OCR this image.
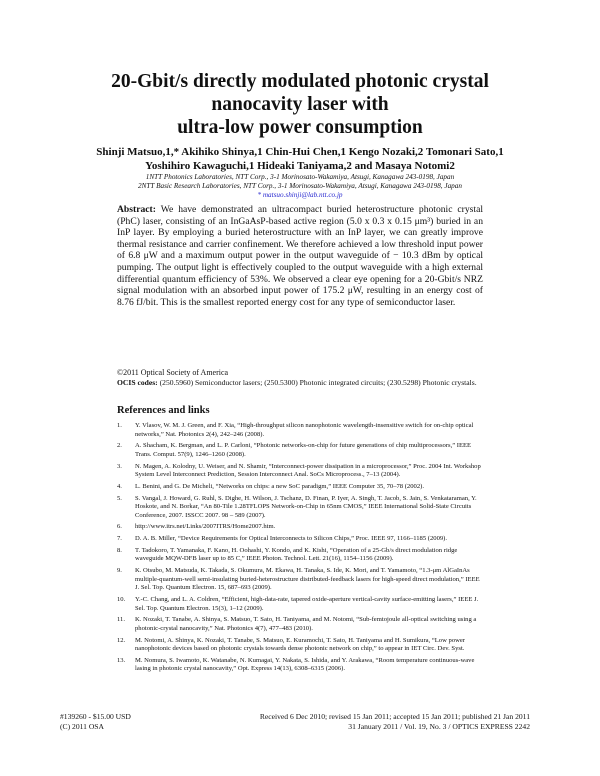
20-Gbit/s directly modulated photonic crystal
nanocavity laser with
ultra-low power consumption
Shinji Matsuo,1,* Akihiko Shinya,1 Chin-Hui Chen,1 Kengo Nozaki,2 Tomonari Sato,1
Yoshihiro Kawaguchi,1 Hideaki Taniyama,2 and Masaya Notomi2
1NTT Photonics Laboratories, NTT Corp., 3-1 Morinosato-Wakamiya, Atsugi, Kanagawa 243-0198, Japan
2NTT Basic Research Laboratories, NTT Corp., 3-1 Morinosato-Wakamiya, Atsugi, Kanagawa 243-0198, Japan
* matsuo.shinji@lab.ntt.co.jp
Abstract: We have demonstrated an ultracompact buried heterostructure photonic crystal (PhC) laser, consisting of an InGaAsP-based active region (5.0 x 0.3 x 0.15 μm³) buried in an InP layer. By employing a buried heterostructure with an InP layer, we can greatly improve thermal resistance and carrier confinement. We therefore achieved a low threshold input power of 6.8 μW and a maximum output power in the output waveguide of − 10.3 dBm by optical pumping. The output light is effectively coupled to the output waveguide with a high external differential quantum efficiency of 53%. We observed a clear eye opening for a 20-Gbit/s NRZ signal modulation with an absorbed input power of 175.2 μW, resulting in an energy cost of 8.76 fJ/bit. This is the smallest reported energy cost for any type of semiconductor laser.
©2011 Optical Society of America
OCIS codes: (250.5960) Semiconductor lasers; (250.5300) Photonic integrated circuits; (230.5298) Photonic crystals.
References and links
1. Y. Vlasov, W. M. J. Green, and F. Xia, “High-throughput silicon nanophotonic wavelength-insensitive switch for on-chip optical networks,” Nat. Photonics 2(4), 242–246 (2008).
2. A. Shacham, K. Bergman, and L. P. Carloni, “Photonic networks-on-chip for future generations of chip multiprocessors,” IEEE Trans. Comput. 57(9), 1246–1260 (2008).
3. N. Magen, A. Kolodny, U. Weiser, and N. Shamir, “Interconnect-power dissipation in a microprocessor,” Proc. 2004 Int. Workshop System Level Interconnect Prediction, Session Interconnect Anal. SoCs Microprocess., 7–13 (2004).
4. L. Benini, and G. De Micheli, “Networks on chips: a new SoC paradigm,” IEEE Computer 35, 70–78 (2002).
5. S. Vangal, J. Howard, G. Ruhl, S. Dighe, H. Wilson, J. Tschanz, D. Finan, P. Iyer, A. Singh, T. Jacob, S. Jain, S. Venkataraman, Y. Hoskote, and N. Borkar, “An 80-Tile 1.28TFLOPS Network-on-Chip in 65nm CMOS,” IEEE International Solid-State Circuits Conference, 2007. ISSCC 2007. 98 – 589 (2007).
6. http://www.itrs.net/Links/2007ITRS/Home2007.htm.
7. D. A. B. Miller, “Device Requirements for Optical Interconnects to Silicon Chips,” Proc. IEEE 97, 1166–1185 (2009).
8. T. Tadokoro, T. Yamanaka, F. Kano, H. Oohashi, Y. Kondo, and K. Kishi, “Operation of a 25-Gb/s direct modulation ridge waveguide MQW-DFB laser up to 85 C,” IEEE Photon. Technol. Lett. 21(16), 1154–1156 (2009).
9. K. Otsubo, M. Matsuda, K. Takada, S. Okumura, M. Ekawa, H. Tanaka, S. Ide, K. Mori, and T. Yamamoto, “1.3-μm AlGaInAs multiple-quantum-well semi-insulating buried-heterostructure distributed-feedback lasers for high-speed direct modulation,” IEEE J. Sel. Top. Quantum Electron. 15, 687–693 (2009).
10. Y.-C. Chang, and L. A. Coldren, “Efficient, high-data-rate, tapered oxide-aperture vertical-cavity surface-emitting lasers,” IEEE J. Sel. Top. Quantum Electron. 15(3), 1–12 (2009).
11. K. Nozaki, T. Tanabe, A. Shinya, S. Matsuo, T. Sato, H. Taniyama, and M. Notomi, “Sub-femtojoule all-optical switching using a photonic-crystal nanocavity,” Nat. Photonics 4(7), 477–483 (2010).
12. M. Notomi, A. Shinya, K. Nozaki, T. Tanabe, S. Matsuo, E. Kuramochi, T. Sato, H. Taniyama and H. Sumikura, “Low power nanophotonic devices based on photonic crystals towards dense photonic network on chip,” to appear in IET Circ. Dev. Syst.
13. M. Nomura, S. Iwamoto, K. Watanabe, N. Kumagai, Y. Nakata, S. Ishida, and Y. Arakawa, “Room temperature continuous-wave lasing in photonic crystal nanocavity,” Opt. Express 14(13), 6308–6315 (2006).
#139260 - $15.00 USD	Received 6 Dec 2010; revised 15 Jan 2011; accepted 15 Jan 2011; published 21 Jan 2011
(C) 2011 OSA	31 January 2011 / Vol. 19, No. 3 / OPTICS EXPRESS 2242
